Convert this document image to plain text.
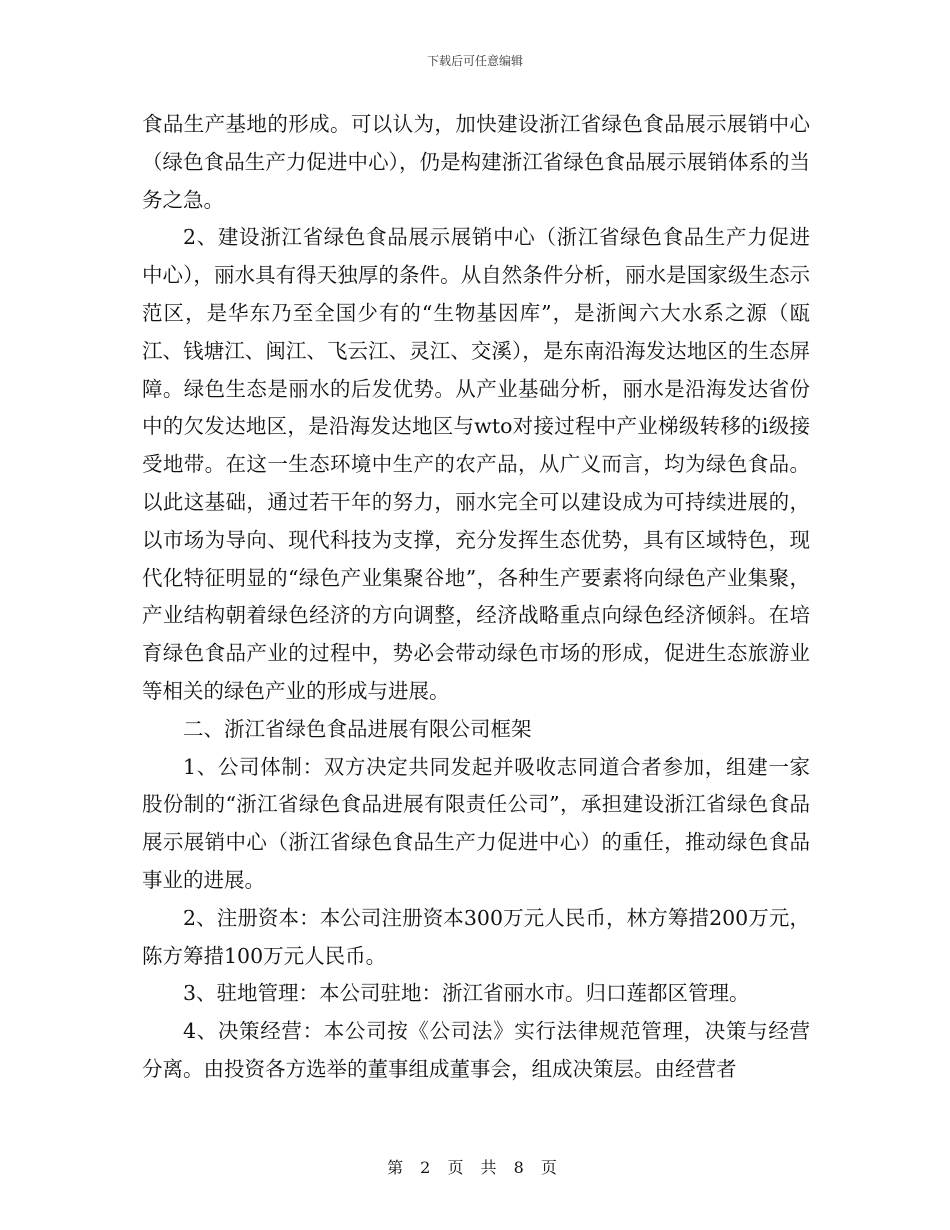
下载后可任意编辑

食品生产基地的形成。可以认为，加快建设浙江省绿色食品展示展销中心（绿色食品生产力促进中心），仍是构建浙江省绿色食品展示展销体系的当务之急。

2、建设浙江省绿色食品展示展销中心（浙江省绿色食品生产力促进中心），丽水具有得天独厚的条件。从自然条件分析，丽水是国家级生态示范区，是华东乃至全国少有的“生物基因库”，是浙闽六大水系之源（瓯江、钱塘江、闽江、飞云江、灵江、交溪），是东南沿海发达地区的生态屏障。绿色生态是丽水的后发优势。从产业基础分析，丽水是沿海发达省份中的欠发达地区，是沿海发达地区与wto对接过程中产业梯级转移的ⅰ级接受地带。在这一生态环境中生产的农产品，从广义而言，均为绿色食品。以此这基础，通过若干年的努力，丽水完全可以建设成为可持续进展的，以市场为导向、现代科技为支撑，充分发挥生态优势，具有区域特色，现代化特征明显的“绿色产业集聚谷地”，各种生产要素将向绿色产业集聚，产业结构朝着绿色经济的方向调整，经济战略重点向绿色经济倾斜。在培育绿色食品产业的过程中，势必会带动绿色市场的形成，促进生态旅游业等相关的绿色产业的形成与进展。

二、浙江省绿色食品进展有限公司框架

1、公司体制：双方决定共同发起并吸收志同道合者参加，组建一家股份制的“浙江省绿色食品进展有限责任公司”，承担建设浙江省绿色食品展示展销中心（浙江省绿色食品生产力促进中心）的重任，推动绿色食品事业的进展。

2、注册资本：本公司注册资本300万元人民币，林方筹措200万元，陈方筹措100万元人民币。

3、驻地管理：本公司驻地：浙江省丽水市。归口莲都区管理。

4、决策经营：本公司按《公司法》实行法律规范管理，决策与经营分离。由投资各方选举的董事组成董事会，组成决策层。由经营者

第 2 页 共 8 页
